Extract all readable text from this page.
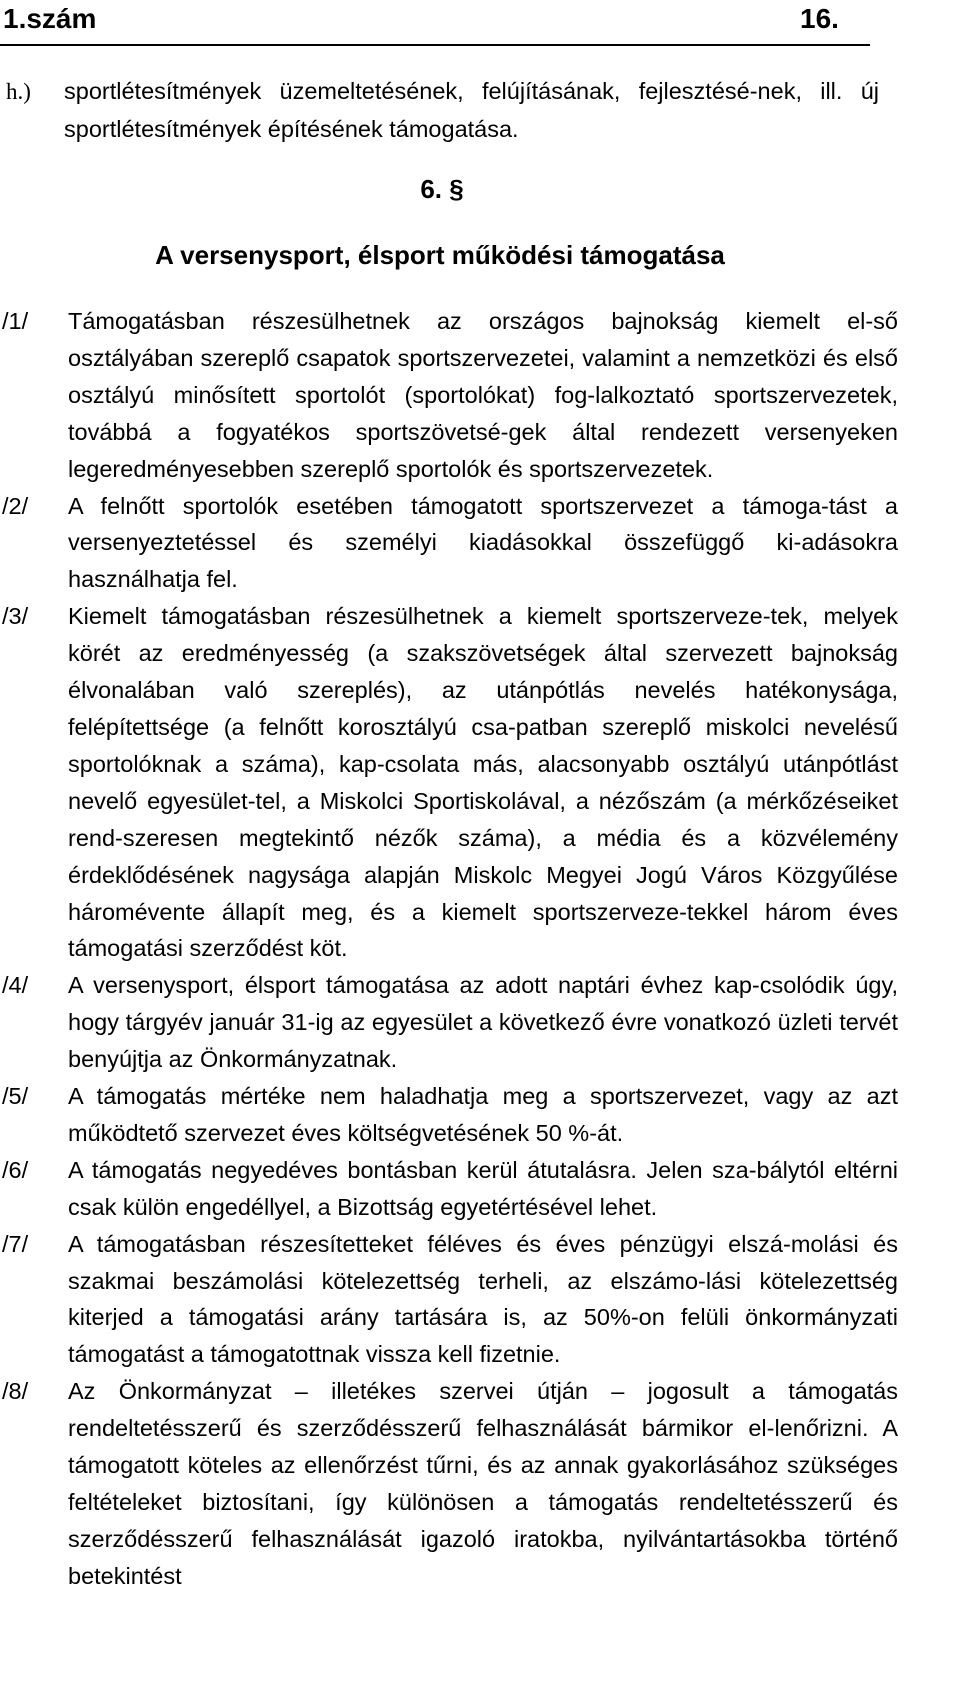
1.szám	16.
h.) sportlétesítmények üzemeltetésének, felújításának, fejlesztésé-nek, ill. új sportlétesítmények építésének támogatása.
6. §
A versenysport, élsport működési támogatása
/1/	Támogatásban részesülhetnek az országos bajnokság kiemelt el-ső osztályában szereplő csapatok sportszervezetei, valamint a nemzetközi és első osztályú minősített sportolót (sportolókat) fog-lalkoztató sportszervezetek, továbbá a fogyatékos sportszövetsé-gek által rendezett versenyeken legeredményesebben szereplő sportolók és sportszervezetek.
/2/	A felnőtt sportolók esetében támogatott sportszervezet a támoga-tást a versenyeztetéssel és személyi kiadásokkal összefüggő ki-adásokra használhatja fel.
/3/	Kiemelt támogatásban részesülhetnek a kiemelt sportszerveze-tek, melyek körét az eredményesség (a szakszövetségek által szervezett bajnokság élvonalában való szereplés), az utánpótlás nevelés hatékonysága, felépítettsége (a felnőtt korosztályú csa-patban szereplő miskolci nevelésű sportolóknak a száma), kap-csolata más, alacsonyabb osztályú utánpótlást nevelő egyesület-tel, a Miskolci Sportiskolával, a nézőszám (a mérkőzéseiket rend-szeresen megtekintő nézők száma), a média és a közvélemény érdeklődésének nagysága alapján Miskolc Megyei Jogú Város Közgyűlése háromévente állapít meg, és a kiemelt sportszerveze-tekkel három éves támogatási szerződést köt.
/4/	A versenysport, élsport támogatása az adott naptári évhez kap-csolódik úgy, hogy tárgyév január 31-ig az egyesület a következő évre vonatkozó üzleti tervét benyújtja az Önkormányzatnak.
/5/	A támogatás mértéke nem haladhatja meg a sportszervezet, vagy az azt működtető szervezet éves költségvetésének 50 %-át.
/6/	A támogatás negyedéves bontásban kerül átutalásra. Jelen sza-bálytól eltérni csak külön engedéllyel, a Bizottság egyetértésével lehet.
/7/	A támogatásban részesítetteket féléves és éves pénzügyi elszá-molási és szakmai beszámolási kötelezettség terheli, az elszámo-lási kötelezettség kiterjed a támogatási arány tartására is, az 50%-on felüli önkormányzati támogatást a támogatottnak vissza kell fizetnie.
/8/	Az Önkormányzat – illetékes szervei útján – jogosult a támogatás rendeltetésszerű és szerződésszerű felhasználását bármikor el-lenőrizni. A támogatott köteles az ellenőrzést tűrni, és az annak gyakorlásához szükséges feltételeket biztosítani, így különösen a támogatás rendeltetésszerű és szerződésszerű felhasználását igazoló iratokba, nyilvántartásokba történő betekintést
